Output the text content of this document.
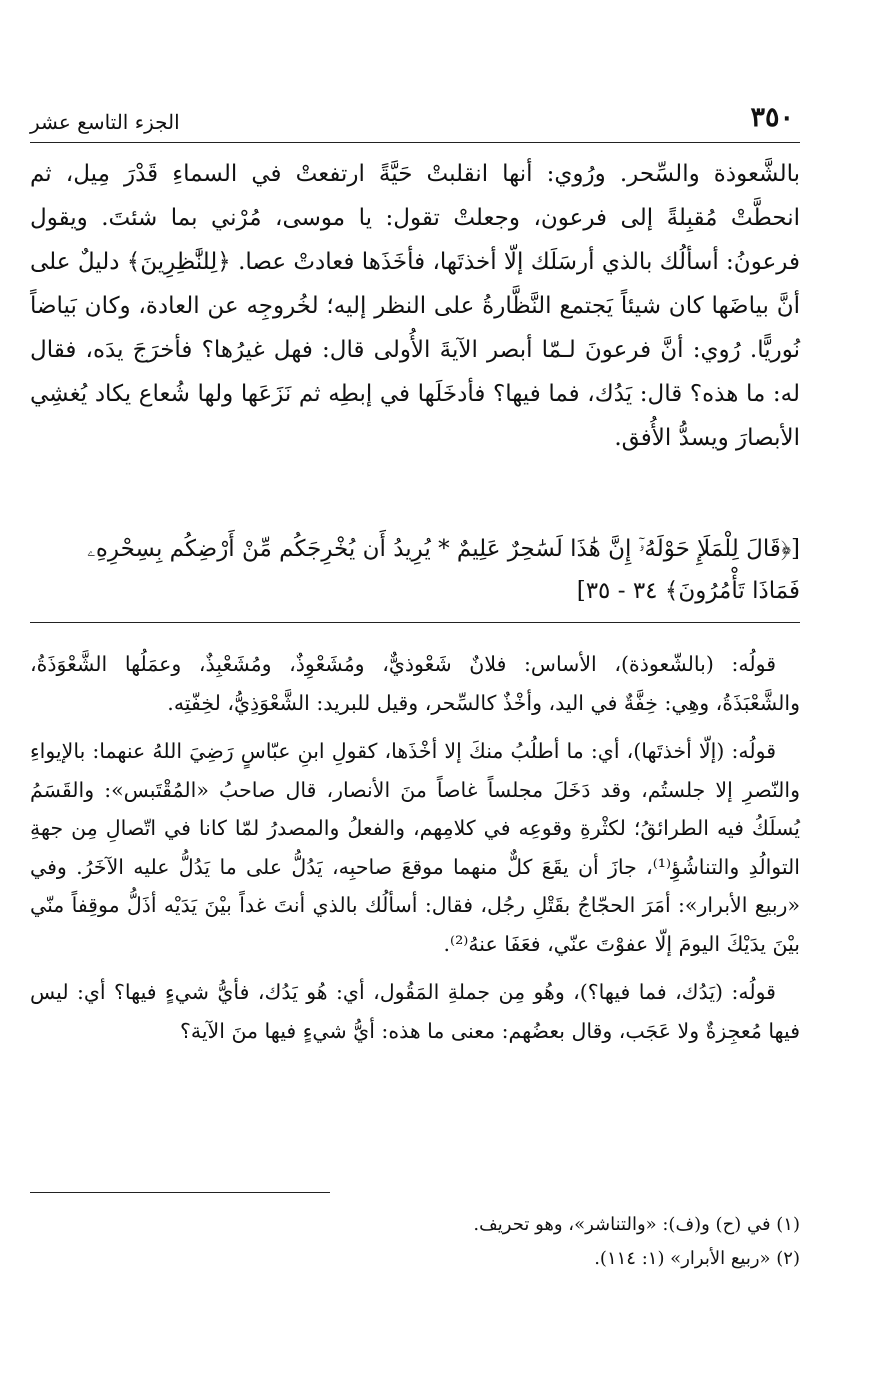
٣٥٠
الجزء التاسع عشر

بالشَّعوذة والسِّحر. ورُوي: أنها انقلبتْ حَيَّةً ارتفعتْ في السماءِ قَدْرَ مِيل، ثم انحطَّتْ مُقبِلةً إلى فرعون، وجعلتْ تقول: يا موسى، مُرْني بما شئتَ. ويقول فرعونُ: أسألُك بالذي أرسَلَك إلّا أخذتَها، فأخَذَها فعادتْ عصا. ﴿لِلنَّٰظِرِينَ﴾ دليلٌ على أنَّ بياضَها كان شيئاً يَجتمع النَّظَّارةُ على النظر إليه؛ لخُروجِه عن العادة، وكان بَياضاً نُوريًّا. رُوي: أنَّ فرعونَ لـمّا أبصر الآيةَ الأُولى قال: فهل غيرُها؟ فأخرَجَ يدَه، فقال له: ما هذه؟ قال: يَدُك، فما فيها؟ فأدخَلَها في إبطِه ثم نَزَعَها ولها شُعاع يكاد يُغشِي الأبصارَ ويسدُّ الأُفق.

[﴿قَالَ لِلْمَلَإِ حَوْلَهُۥٓ إِنَّ هَٰذَا لَسَٰحِرٌ عَلِيمٌ * يُرِيدُ أَن يُخْرِجَكُم مِّنْ أَرْضِكُم بِسِحْرِهِۦ

فَمَاذَا تَأْمُرُونَ﴾ ٣٤ - ٣٥]

قولُه: (بالشّعوذة)، الأساس: فلانٌ شَعْوذيٌّ، ومُشَعْوِذٌ، ومُشَعْبِذٌ، وعمَلُها الشَّعْوَذَةُ، والشَّعْبَذَةُ، وهِي: خِفَّةٌ في اليد، وأخْذٌ كالسِّحر، وقيل للبريد: الشَّعْوَذِيُّ، لخِفّتِه.

قولُه: (إلّا أخذتَها)، أي: ما أطلُبُ منكَ إلا أخْذَها، كقولِ ابنِ عبّاسٍ رَضِيَ اللهُ عنهما: بالإيواءِ والنّصرِ إلا جلستُم، وقد دَخَلَ مجلساً غاصاً منَ الأنصار، قال صاحبُ «المُقْتَبس»: والقَسَمُ يُسلَكُ فيه الطرائقُ؛ لكثْرةِ وقوعِه في كلامِهم، والفعلُ والمصدرُ لمّا كانا في اتّصالِ مِن جهةِ التوالُدِ والتناشُؤِ⁽¹⁾، جازَ أن يقَعَ كلٌّ منهما موقعَ صاحبِه، يَدُلُّ على ما يَدُلُّ عليه الآخَرُ. وفي «ربيع الأبرار»: أمَرَ الحجّاجُ بقَتْلِ رجُل، فقال: أسألُك بالذي أنتَ غداً بيْنَ يَدَيْه أذَلُّ موقِفاً منّي بيْنَ يدَيْكَ اليومَ إلّا عفوْتَ عنّي، فعَفَا عنهُ⁽²⁾.

قولُه: (يَدُك، فما فيها؟)، وهُو مِن جملةِ المَقُول، أي: هُو يَدُك، فأيُّ شيءٍ فيها؟ أي: ليس فيها مُعجِزةٌ ولا عَجَب، وقال بعضُهم: معنى ما هذه: أيُّ شيءٍ فيها منَ الآية؟

(١) في (ح) و(ف): «والتناشر»، وهو تحريف.

(٢) «ربيع الأبرار» (١: ١١٤).
